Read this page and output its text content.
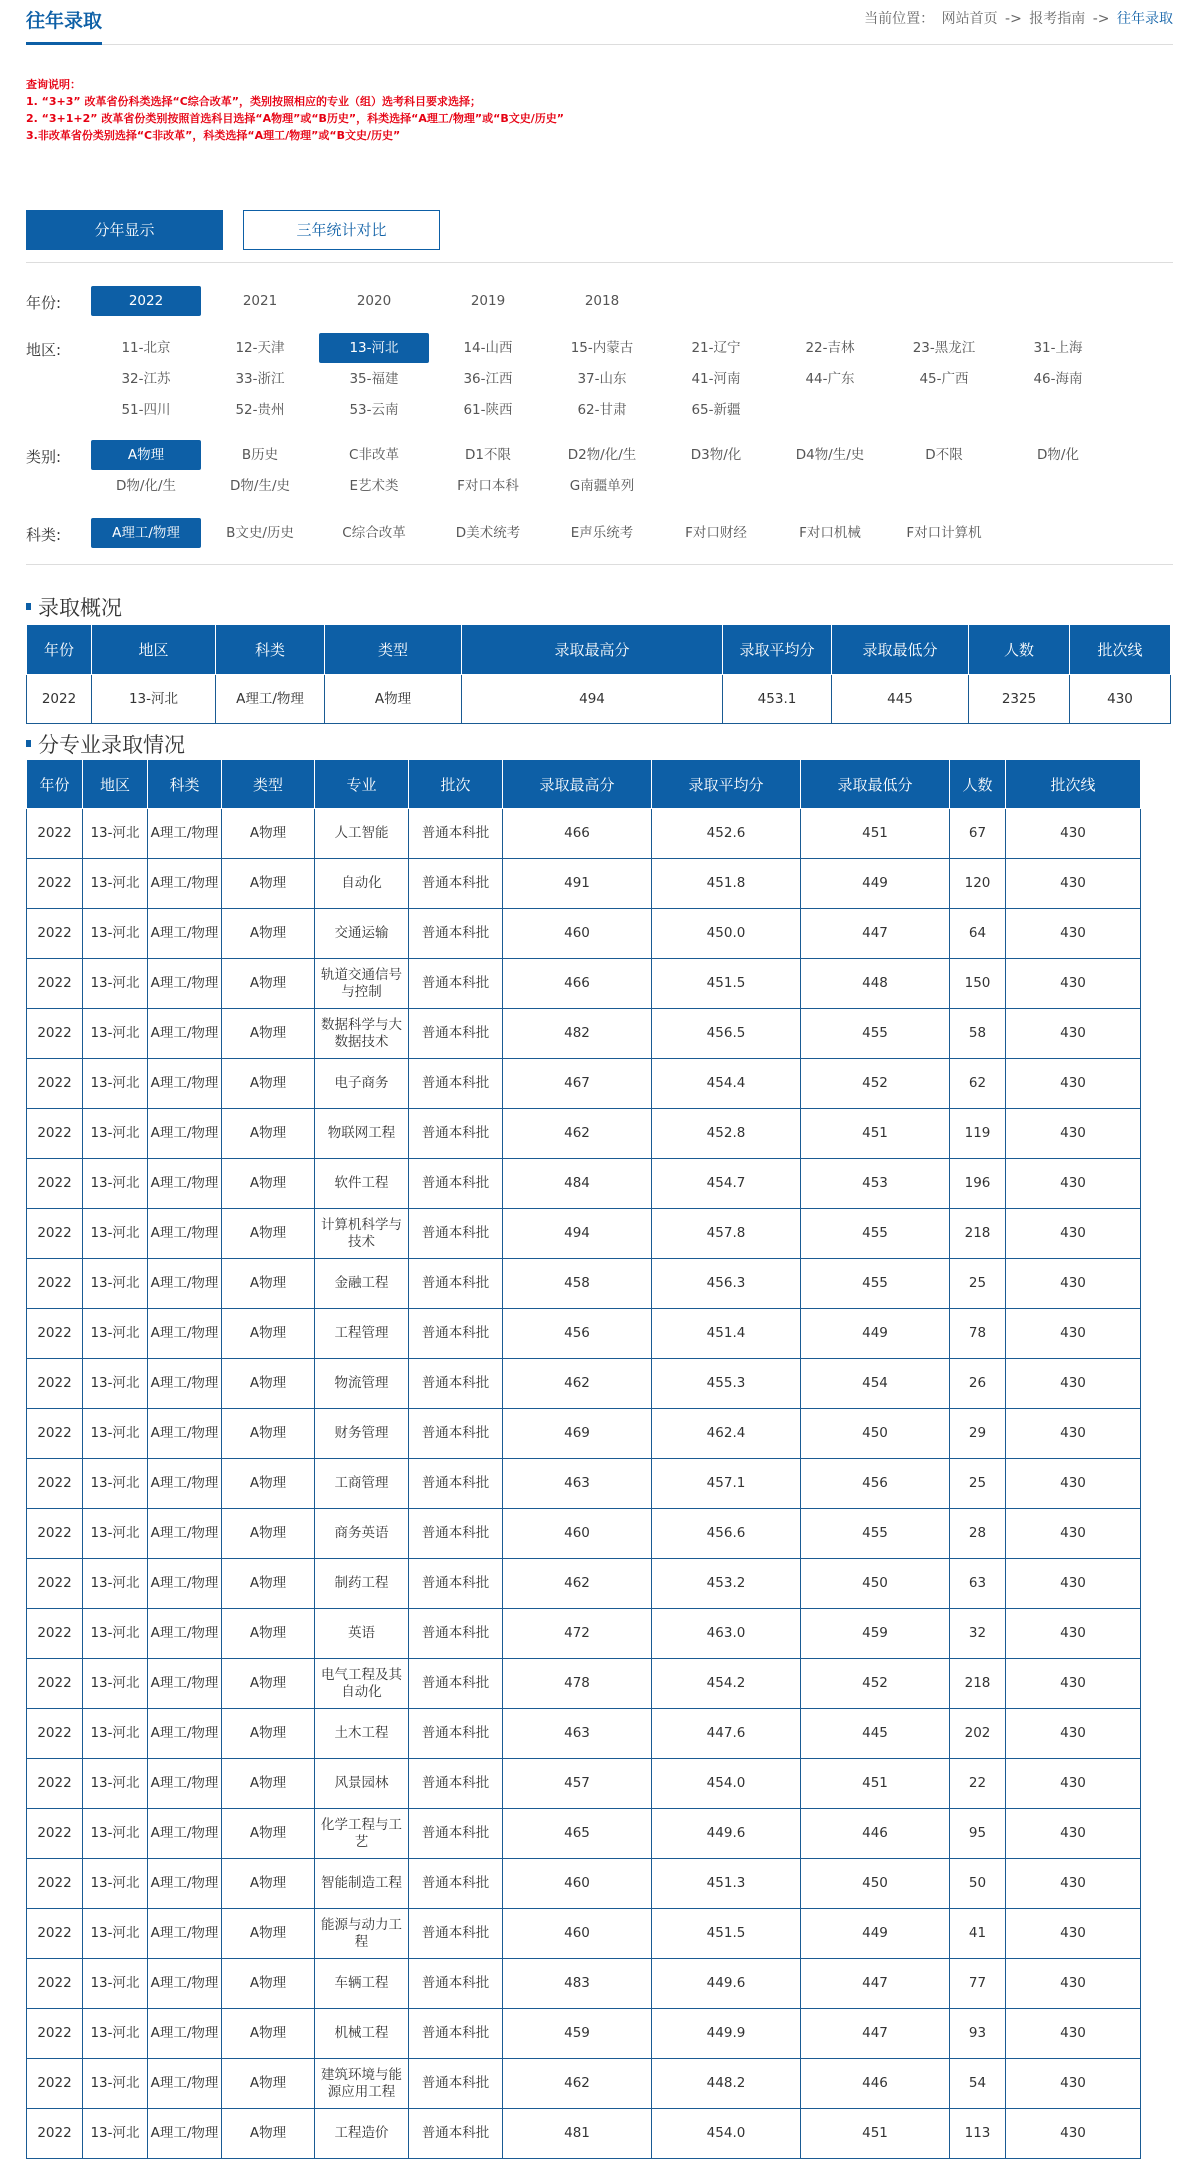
往年录取	当前位置： 网站首页 -> 报考指南 -> 往年录取
查询说明：
1. “3+3” 改革省份科类选择“C综合改革”，类别按照相应的专业（组）选考科目要求选择；
2. “3+1+2” 改革省份类别按照首选科目选择“A物理”或“B历史”，科类选择“A理工/物理”或“B文史/历史”
3.非改革省份类别选择“C非改革”，科类选择“A理工/物理”或“B文史/历史”
分年显示	三年统计对比
年份:	2022	2021	2020	2019	2018
地区:	11-北京	12-天津	13-河北	14-山西	15-内蒙古	21-辽宁	22-吉林	23-黑龙江	31-上海
32-江苏	33-浙江	35-福建	36-江西	37-山东	41-河南	44-广东	45-广西	46-海南
51-四川	52-贵州	53-云南	61-陕西	62-甘肃	65-新疆
类别:	A物理	B历史	C非改革	D1不限	D2物/化/生	D3物/化	D4物/生/史	D不限	D物/化
D物/化/生	D物/生/史	E艺术类	F对口本科	G南疆单列
科类:	A理工/物理	B文史/历史	C综合改革	D美术统考	E声乐统考	F对口财经	F对口机械	F对口计算机
录取概况
年份	地区	科类	类型	录取最高分	录取平均分	录取最低分	人数	批次线
2022	13-河北	A理工/物理	A物理	494	453.1	445	2325	430
分专业录取情况
年份	地区	科类	类型	专业	批次	录取最高分	录取平均分	录取最低分	人数	批次线
2022	13-河北	A理工/物理	A物理	人工智能	普通本科批	466	452.6	451	67	430
2022	13-河北	A理工/物理	A物理	自动化	普通本科批	491	451.8	449	120	430
2022	13-河北	A理工/物理	A物理	交通运输	普通本科批	460	450.0	447	64	430
2022	13-河北	A理工/物理	A物理	轨道交通信号与控制	普通本科批	466	451.5	448	150	430
2022	13-河北	A理工/物理	A物理	数据科学与大数据技术	普通本科批	482	456.5	455	58	430
2022	13-河北	A理工/物理	A物理	电子商务	普通本科批	467	454.4	452	62	430
2022	13-河北	A理工/物理	A物理	物联网工程	普通本科批	462	452.8	451	119	430
2022	13-河北	A理工/物理	A物理	软件工程	普通本科批	484	454.7	453	196	430
2022	13-河北	A理工/物理	A物理	计算机科学与技术	普通本科批	494	457.8	455	218	430
2022	13-河北	A理工/物理	A物理	金融工程	普通本科批	458	456.3	455	25	430
2022	13-河北	A理工/物理	A物理	工程管理	普通本科批	456	451.4	449	78	430
2022	13-河北	A理工/物理	A物理	物流管理	普通本科批	462	455.3	454	26	430
2022	13-河北	A理工/物理	A物理	财务管理	普通本科批	469	462.4	450	29	430
2022	13-河北	A理工/物理	A物理	工商管理	普通本科批	463	457.1	456	25	430
2022	13-河北	A理工/物理	A物理	商务英语	普通本科批	460	456.6	455	28	430
2022	13-河北	A理工/物理	A物理	制药工程	普通本科批	462	453.2	450	63	430
2022	13-河北	A理工/物理	A物理	英语	普通本科批	472	463.0	459	32	430
2022	13-河北	A理工/物理	A物理	电气工程及其自动化	普通本科批	478	454.2	452	218	430
2022	13-河北	A理工/物理	A物理	土木工程	普通本科批	463	447.6	445	202	430
2022	13-河北	A理工/物理	A物理	风景园林	普通本科批	457	454.0	451	22	430
2022	13-河北	A理工/物理	A物理	化学工程与工艺	普通本科批	465	449.6	446	95	430
2022	13-河北	A理工/物理	A物理	智能制造工程	普通本科批	460	451.3	450	50	430
2022	13-河北	A理工/物理	A物理	能源与动力工程	普通本科批	460	451.5	449	41	430
2022	13-河北	A理工/物理	A物理	车辆工程	普通本科批	483	449.6	447	77	430
2022	13-河北	A理工/物理	A物理	机械工程	普通本科批	459	449.9	447	93	430
2022	13-河北	A理工/物理	A物理	建筑环境与能源应用工程	普通本科批	462	448.2	446	54	430
2022	13-河北	A理工/物理	A物理	工程造价	普通本科批	481	454.0	451	113	430
